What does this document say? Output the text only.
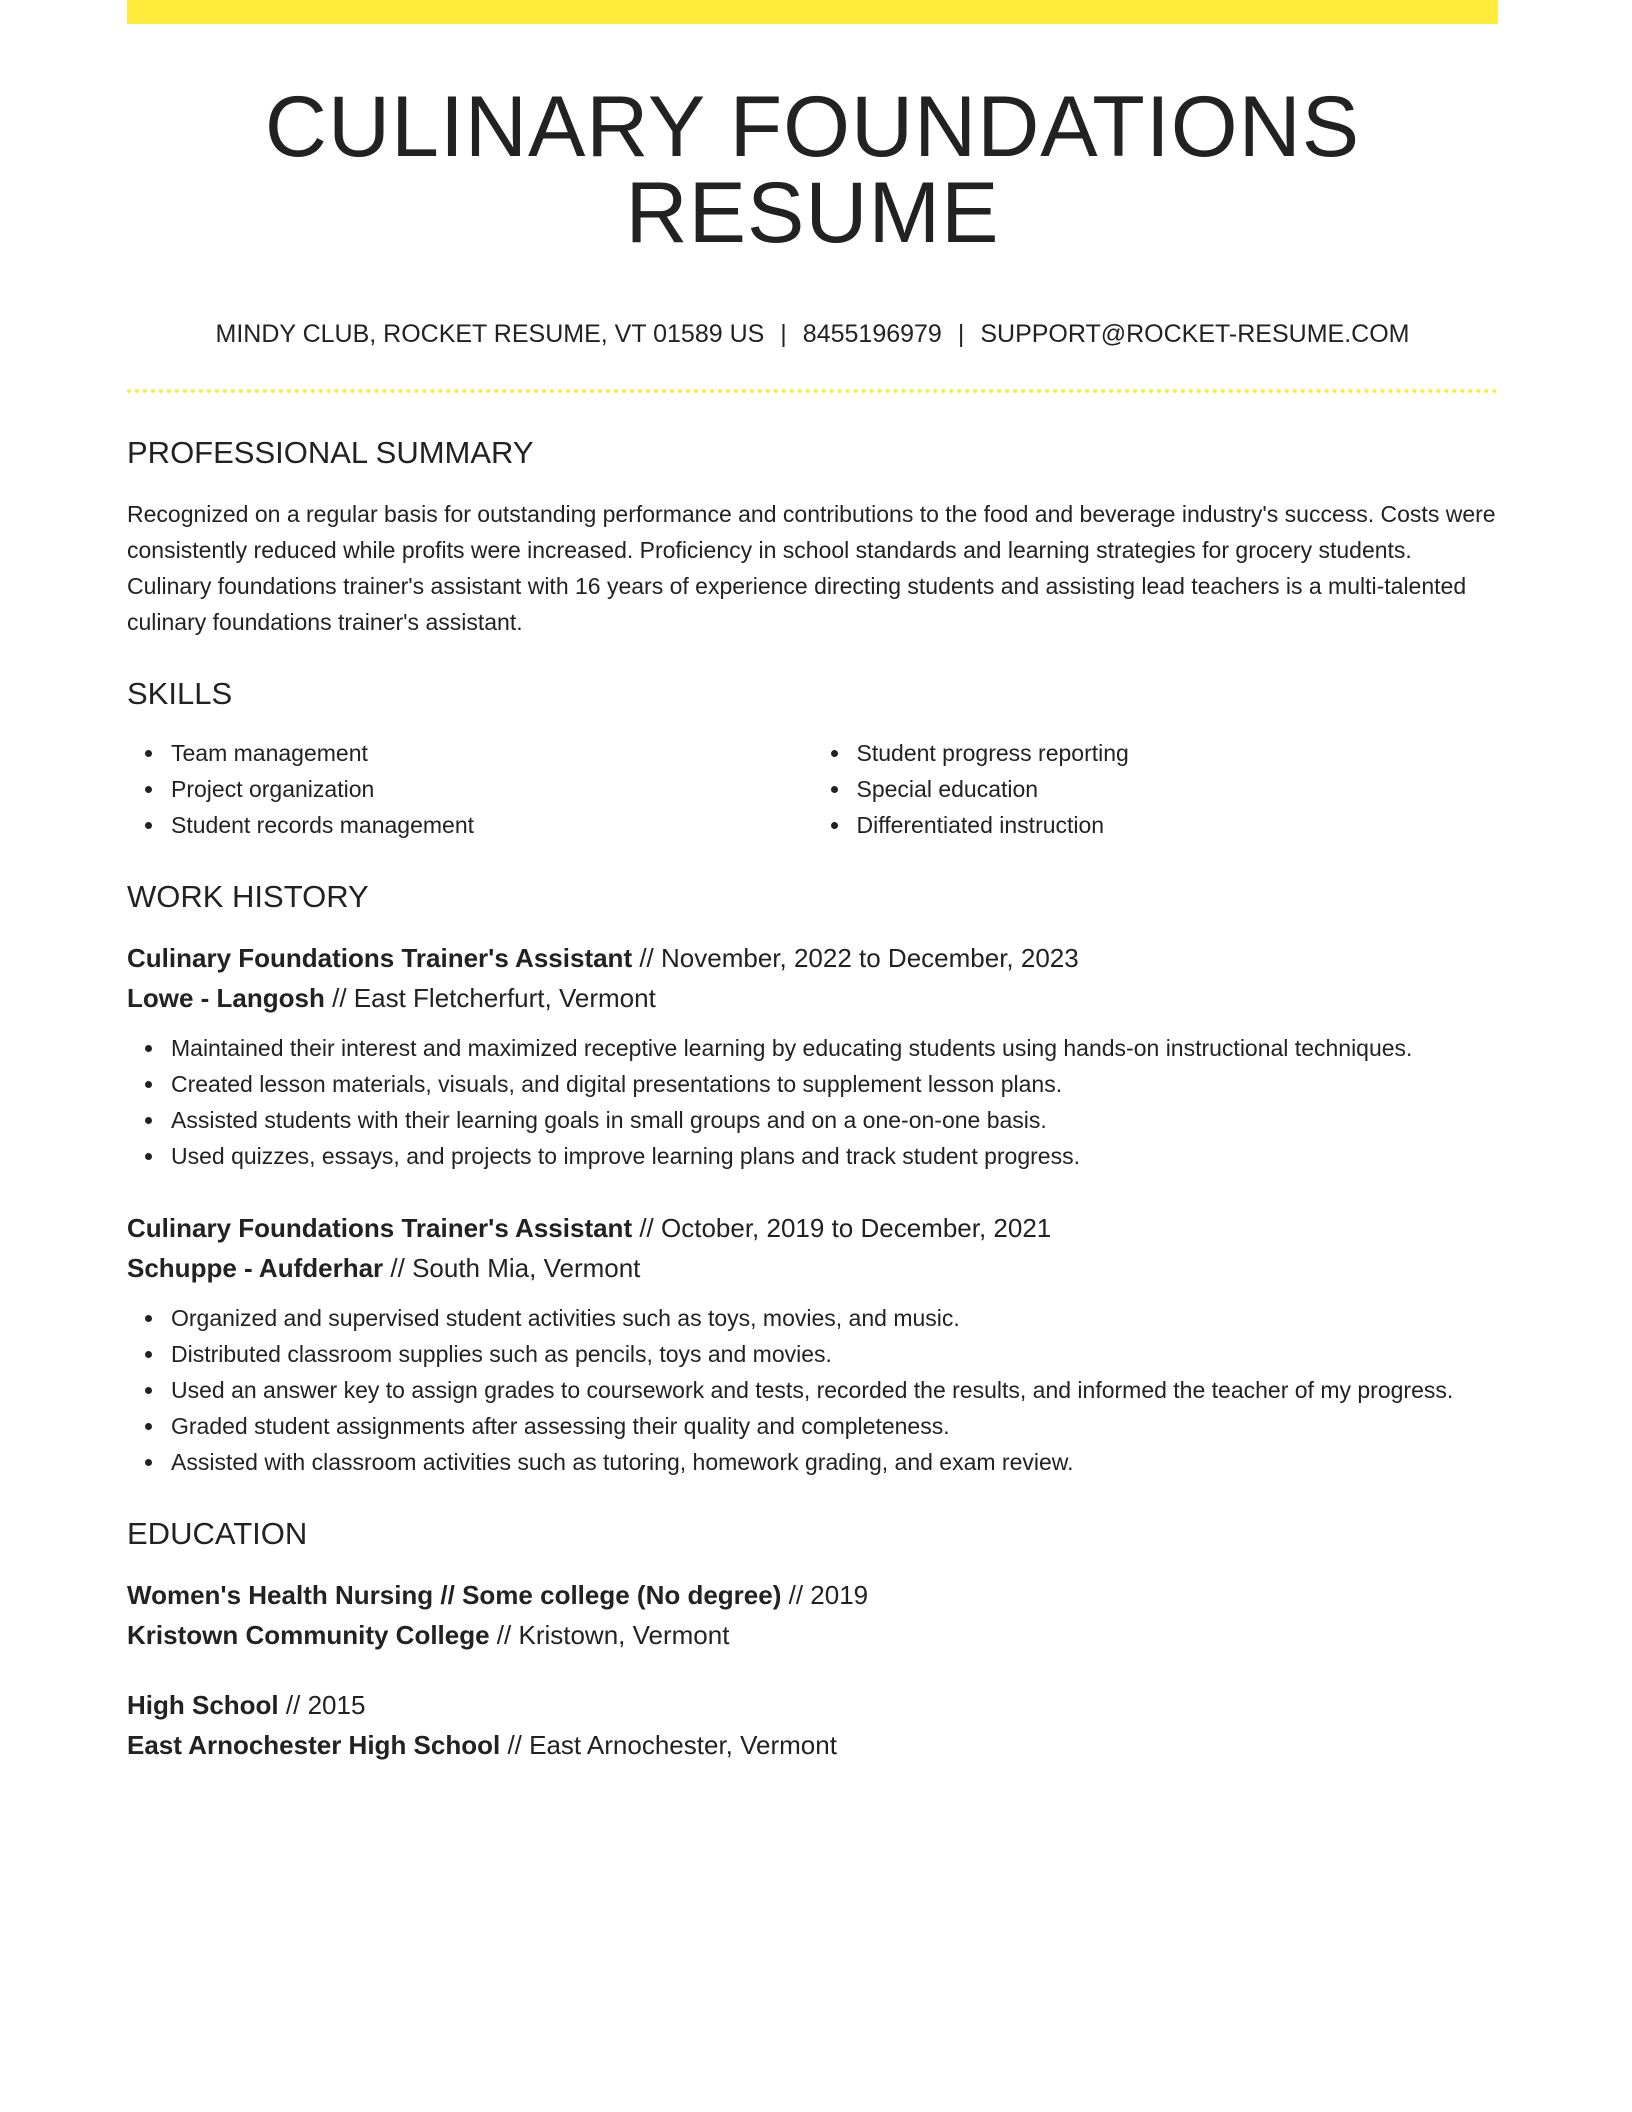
CULINARY FOUNDATIONS RESUME
MINDY CLUB, ROCKET RESUME, VT 01589 US | 8455196979 | SUPPORT@ROCKET-RESUME.COM
PROFESSIONAL SUMMARY

Recognized on a regular basis for outstanding performance and contributions to the food and beverage industry's success. Costs were consistently reduced while profits were increased. Proficiency in school standards and learning strategies for grocery students. Culinary foundations trainer's assistant with 16 years of experience directing students and assisting lead teachers is a multi-talented culinary foundations trainer's assistant.

SKILLS
Team management
Project organization
Student records management
Student progress reporting
Special education
Differentiated instruction
WORK HISTORY
Culinary Foundations Trainer's Assistant // November, 2022 to December, 2023
Lowe - Langosh // East Fletcherfurt, Vermont
Maintained their interest and maximized receptive learning by educating students using hands-on instructional techniques.
Created lesson materials, visuals, and digital presentations to supplement lesson plans.
Assisted students with their learning goals in small groups and on a one-on-one basis.
Used quizzes, essays, and projects to improve learning plans and track student progress.
Culinary Foundations Trainer's Assistant // October, 2019 to December, 2021
Schuppe - Aufderhar // South Mia, Vermont
Organized and supervised student activities such as toys, movies, and music.
Distributed classroom supplies such as pencils, toys and movies.
Used an answer key to assign grades to coursework and tests, recorded the results, and informed the teacher of my progress.
Graded student assignments after assessing their quality and completeness.
Assisted with classroom activities such as tutoring, homework grading, and exam review.
EDUCATION
Women's Health Nursing // Some college (No degree) // 2019
Kristown Community College // Kristown, Vermont
High School // 2015
East Arnochester High School // East Arnochester, Vermont
